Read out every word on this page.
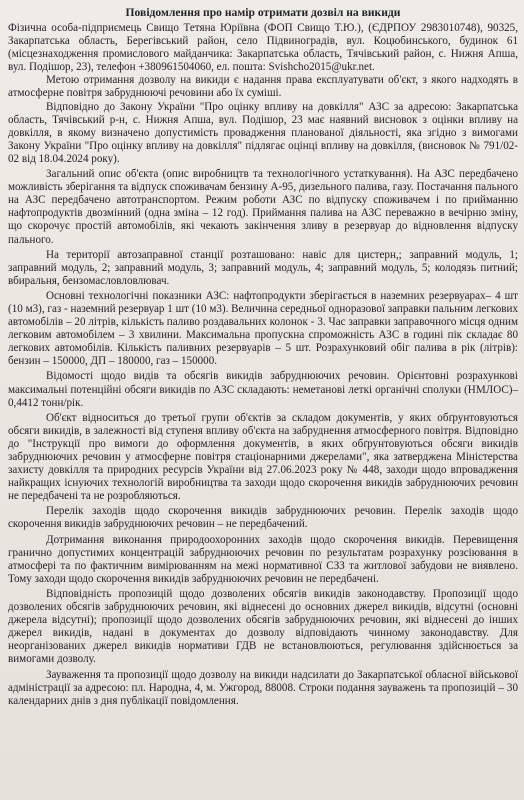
Повідомлення про намір отримати дозвіл на викиди

Фізична особа-підприємець Свищо Тетяна Юріївна (ФОП Свищо Т.Ю.), (ЄДРПОУ 2983010748), 90325, Закарпатська область, Берегівський район, село Підвиноградів, вул. Коцюбинського, будинок 61 (місцезнаходження промислового майданчика: Закарпатська область, Тячівський район, с. Нижня Апша, вул. Подішор, 23), телефон +380961504060, ел. пошта: Svishcho2015@ukr.net.

Метою отримання дозволу на викиди є надання права експлуатувати об'єкт, з якого надходять в атмосферне повітря забруднюючі речовини або їх суміші.

Відповідно до Закону України "Про оцінку впливу на довкілля" АЗС за адресою: Закарпатська область, Тячівський р-н, с. Нижня Апша, вул. Подішор, 23 має наявний висновок з оцінки впливу на довкілля, в якому визначено допустимість провадження планованої діяльності, яка згідно з вимогами Закону України "Про оцінку впливу на довкілля" підлягає оцінці впливу на довкілля, (висновок № 791/02-02 від 18.04.2024 року).

Загальний опис об'єкта (опис виробництв та технологічного устаткування). На АЗС передбачено можливість зберігання та відпуск споживачам бензину А-95, дизельного палива, газу. Постачання пального на АЗС передбачено автотранспортом. Режим роботи АЗС по відпуску споживачем і по прийманню нафтопродуктів двозмінний (одна зміна – 12 год). Приймання палива на АЗС переважно в вечірню зміну, що скорочує простій автомобілів, які чекають закінчення зливу в резервуар до відновлення відпуску пального.

На території автозаправної станції розташовано: навіс для цистерн,; заправний модуль, 1; заправний модуль, 2; заправний модуль, 3; заправний модуль, 4; заправний модуль, 5; колодязь питний; вбиральня, бензомасловловлювач.

Основні технологічні показники АЗС: нафтопродукти зберігається в наземних резервуарах– 4 шт (10 м3), газ - наземний резервуар 1 шт (10 м3). Величина середньої одноразової заправки пальним легкових автомобілів – 20 літрів, кількість паливо роздавальних колонок - 3. Час заправки заправочного місця одним легковим автомобілем – 3 хвилини. Максимальна пропускна спроможність АЗС в годині пік складає 80 легкових автомобілів. Кількість паливних резервуарів – 5 шт. Розрахунковий обіг палива в рік (літрів): бензин – 150000, ДП – 180000, газ – 150000.

Відомості щодо видів та обсягів викидів забруднюючих речовин. Орієнтовні розрахункові максимальні потенційні обсяги викидів по АЗС складають: неметанові леткі органічні сполуки (НМЛОС)– 0,4412 тонн/рік.

Об'єкт відноситься до третьої групи об'єктів за складом документів, у яких обґрунтовуються обсяги викидів, в залежності від ступеня впливу об'єкта на забруднення атмосферного повітря. Відповідно до "Інструкції про вимоги до оформлення документів, в яких обґрунтовуються обсяги викидів забруднюючих речовин у атмосферне повітря стаціонарними джерелами", яка затверджена Міністерства захисту довкілля та природних ресурсів України від 27.06.2023 року № 448, заходи щодо впровадження найкращих існуючих технологій виробництва та заходи щодо скорочення викидів забруднюючих речовин не передбачені та не розробляються.

Перелік заходів щодо скорочення викидів забруднюючих речовин. Перелік заходів щодо скорочення викидів забруднюючих речовин – не передбачений.

Дотримання виконання природоохоронних заходів щодо скорочення викидів. Перевищення гранично допустимих концентрацій забруднюючих речовин по результатам розрахунку розсіювання в атмосфері та по фактичним вимірюванням на межі нормативної СЗЗ та житлової забудови не виявлено. Тому заходи щодо скорочення викидів забруднюючих речовин не передбачені.

Відповідність пропозицій щодо дозволених обсягів викидів законодавству. Пропозиції щодо дозволених обсягів забруднюючих речовин, які віднесені до основних джерел викидів, відсутні (основні джерела відсутні); пропозиції щодо дозволених обсягів забруднюючих речовин, які віднесені до інших джерел викидів, надані в документах до дозволу відповідають чинному законодавству. Для неорганізованих джерел викидів нормативи ГДВ не встановлюються, регулювання здійснюється за вимогами дозволу.

Зауваження та пропозиції щодо дозволу на викиди надсилати до Закарпатської обласної військової адміністрації за адресою: пл. Народна, 4, м. Ужгород, 88008. Строки подання зауважень та пропозицій – 30 календарних днів з дня публікації повідомлення.
